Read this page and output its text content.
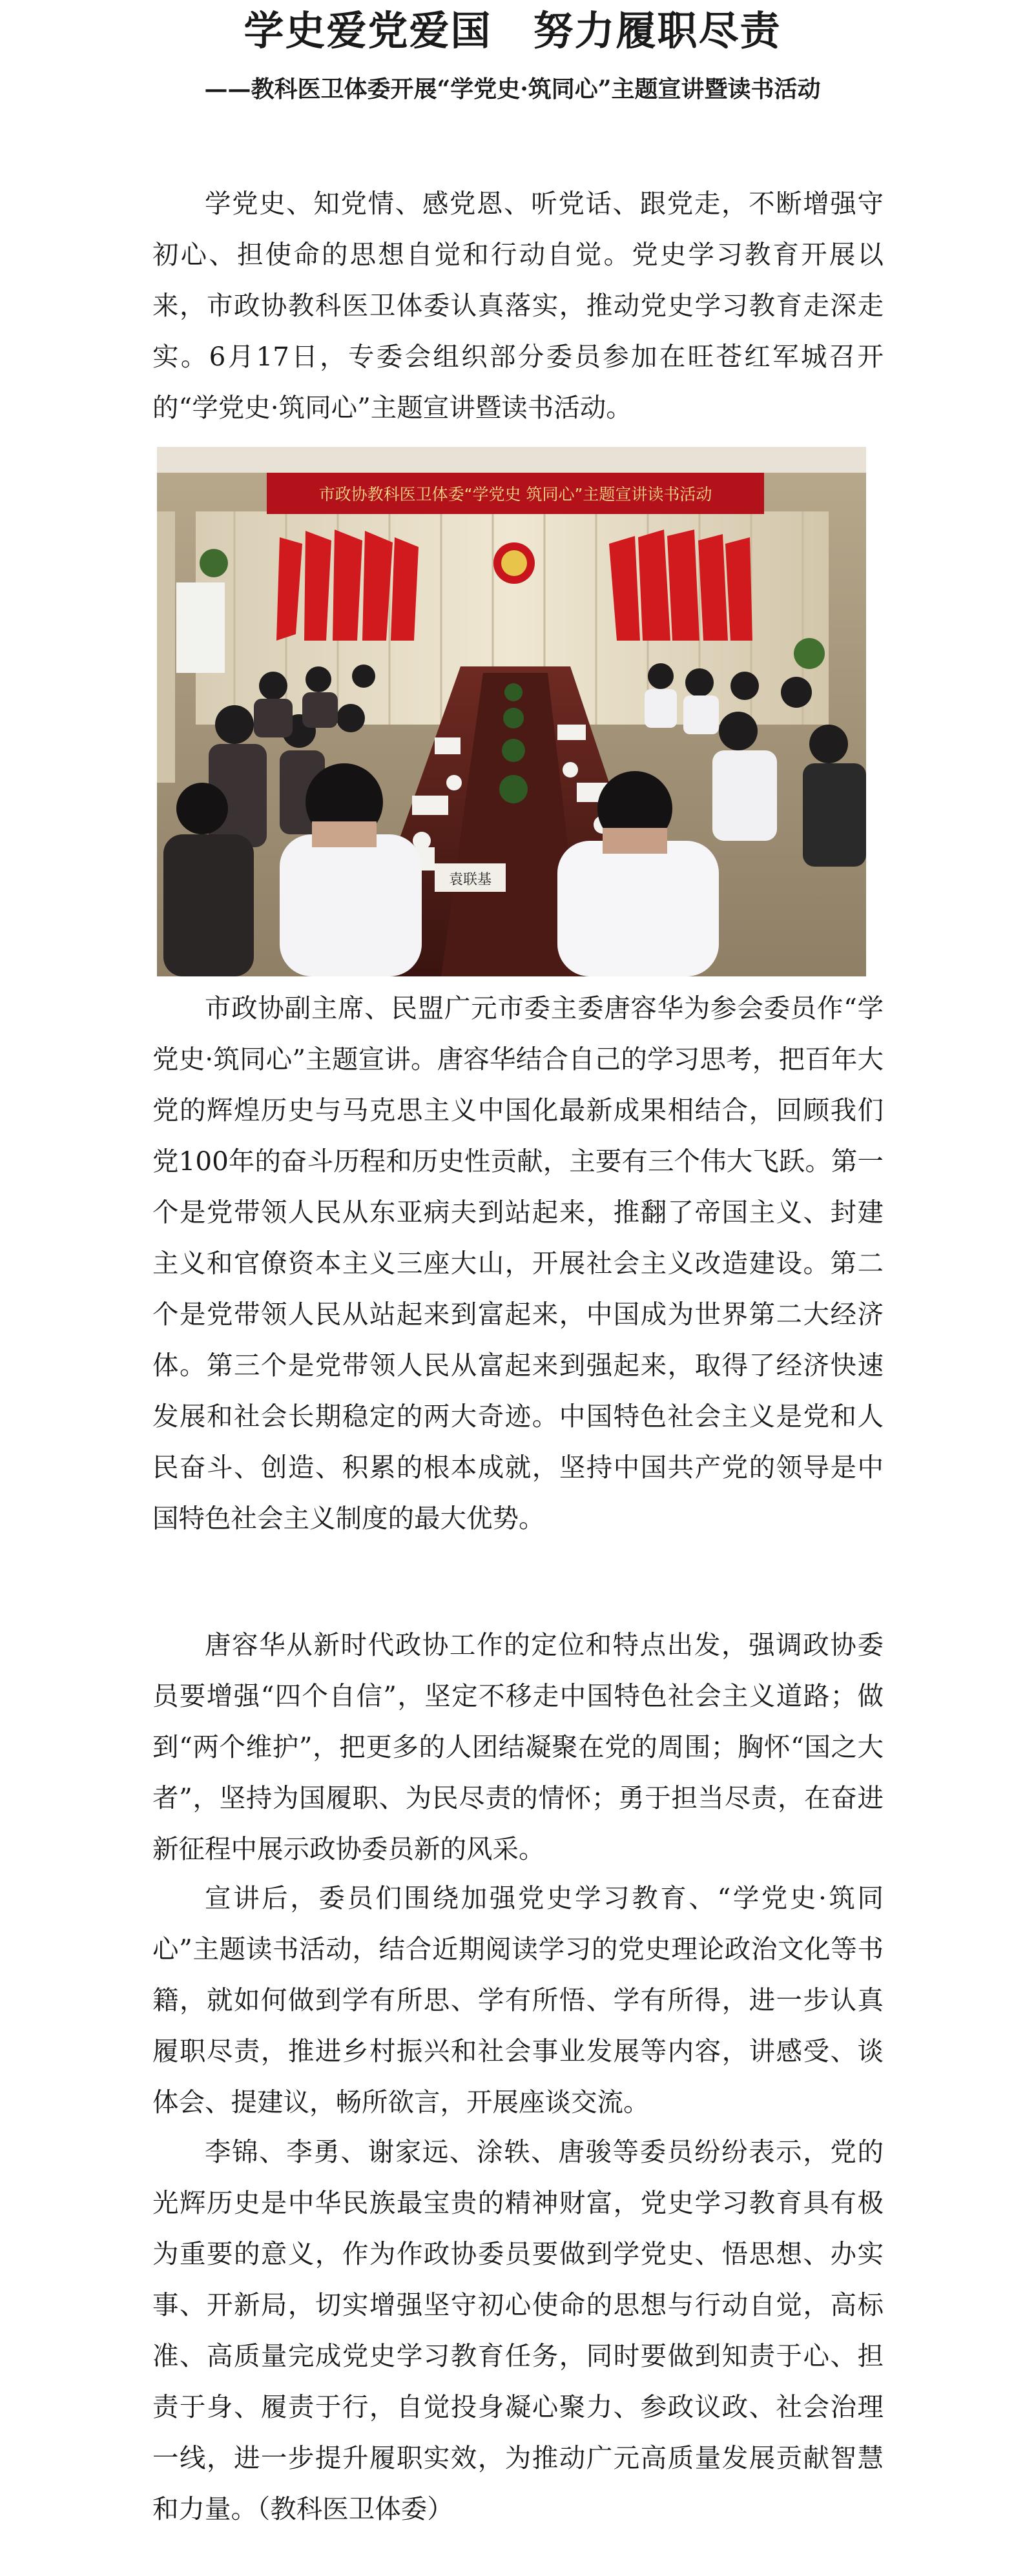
学史爱党爱国　努力履职尽责
——教科医卫体委开展“学党史·筑同心”主题宣讲暨读书活动

学党史、知党情、感党恩、听党话、跟党走，不断增强守初心、担使命的思想自觉和行动自觉。党史学习教育开展以来，市政协教科医卫体委认真落实，推动党史学习教育走深走实。6月17日，专委会组织部分委员参加在旺苍红军城召开的“学党史·筑同心”主题宣讲暨读书活动。

市政协教科医卫体委“学党史 筑同心”主题宣讲读书活动
袁联基

市政协副主席、民盟广元市委主委唐容华为参会委员作“学党史·筑同心”主题宣讲。唐容华结合自己的学习思考，把百年大党的辉煌历史与马克思主义中国化最新成果相结合，回顾我们党100年的奋斗历程和历史性贡献，主要有三个伟大飞跃。第一个是党带领人民从东亚病夫到站起来，推翻了帝国主义、封建主义和官僚资本主义三座大山，开展社会主义改造建设。第二个是党带领人民从站起来到富起来，中国成为世界第二大经济体。第三个是党带领人民从富起来到强起来，取得了经济快速发展和社会长期稳定的两大奇迹。中国特色社会主义是党和人民奋斗、创造、积累的根本成就，坚持中国共产党的领导是中国特色社会主义制度的最大优势。

唐容华从新时代政协工作的定位和特点出发，强调政协委员要增强“四个自信”，坚定不移走中国特色社会主义道路；做到“两个维护”，把更多的人团结凝聚在党的周围；胸怀“国之大者”，坚持为国履职、为民尽责的情怀；勇于担当尽责，在奋进新征程中展示政协委员新的风采。

宣讲后，委员们围绕加强党史学习教育、“学党史·筑同心”主题读书活动，结合近期阅读学习的党史理论政治文化等书籍，就如何做到学有所思、学有所悟、学有所得，进一步认真履职尽责，推进乡村振兴和社会事业发展等内容，讲感受、谈体会、提建议，畅所欲言，开展座谈交流。

李锦、李勇、谢家远、涂轶、唐骏等委员纷纷表示，党的光辉历史是中华民族最宝贵的精神财富，党史学习教育具有极为重要的意义，作为作政协委员要做到学党史、悟思想、办实事、开新局，切实增强坚守初心使命的思想与行动自觉，高标准、高质量完成党史学习教育任务，同时要做到知责于心、担责于身、履责于行，自觉投身凝心聚力、参政议政、社会治理一线，进一步提升履职实效，为推动广元高质量发展贡献智慧和力量。（教科医卫体委）
